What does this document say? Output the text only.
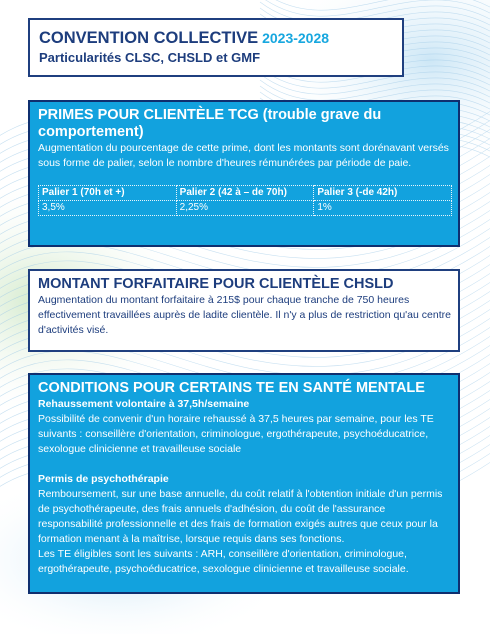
CONVENTION COLLECTIVE 2023-2028
Particularités CLSC, CHSLD et GMF

PRIMES POUR CLIENTÈLE TCG (trouble grave du comportement)

Augmentation du pourcentage de cette prime, dont les montants sont dorénavant versés sous forme de palier, selon le nombre d'heures rémunérées par période de paie.

Palier 1 (70h et +)	Palier 2 (42 à – de 70h)	Palier 3 (-de 42h)
3,5%	2,25%	1%

MONTANT FORFAITAIRE POUR CLIENTÈLE CHSLD

Augmentation du montant forfaitaire à 215$ pour chaque tranche de 750 heures effectivement travaillées auprès de ladite clientèle. Il n'y a plus de restriction qu'au centre d'activités visé.

CONDITIONS POUR CERTAINS TE EN SANTÉ MENTALE

Rehaussement volontaire à 37,5h/semaine

Possibilité de convenir d'un horaire rehaussé à 37,5 heures par semaine, pour les TE suivants : conseillère d'orientation, criminologue, ergothérapeute, psychoéducatrice, sexologue clinicienne et travailleuse sociale

Permis de psychothérapie

Remboursement, sur une base annuelle, du coût relatif à l'obtention initiale d'un permis de psychothérapeute, des frais annuels d'adhésion, du coût de l'assurance responsabilité professionnelle et des frais de formation exigés autres que ceux pour la formation menant à la maîtrise, lorsque requis dans ses fonctions.

Les TE éligibles sont les suivants : ARH, conseillère d'orientation, criminologue, ergothérapeute, psychoéducatrice, sexologue clinicienne et travailleuse sociale.
